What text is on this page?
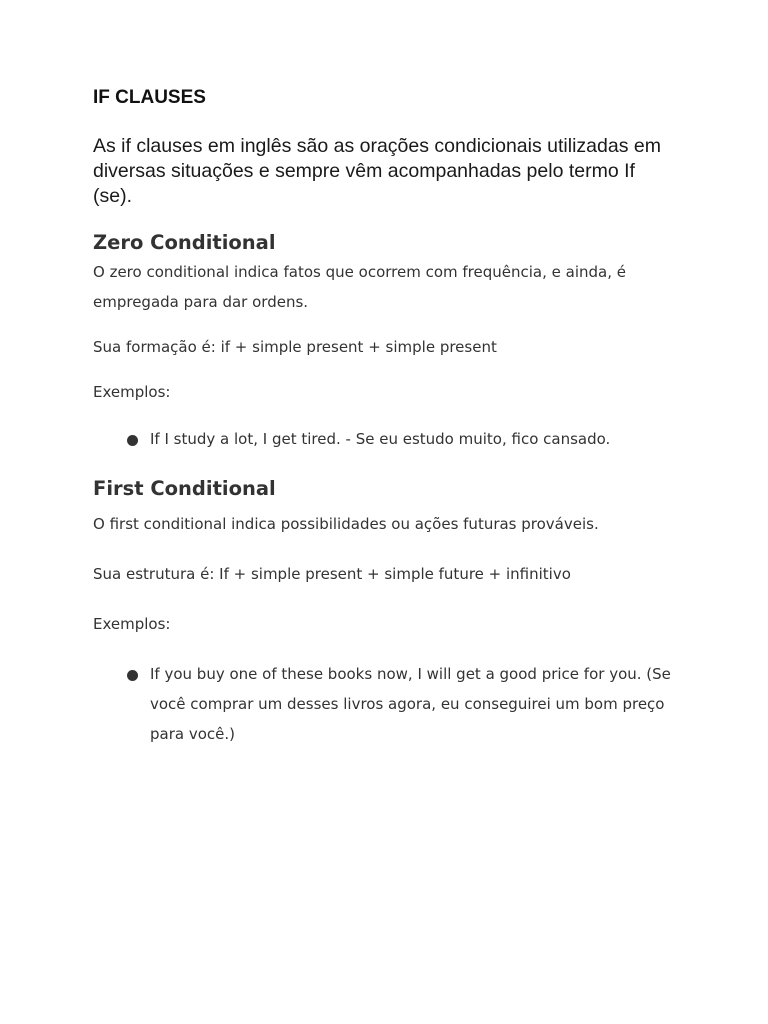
IF CLAUSES

As if clauses em inglês são as orações condicionais utilizadas em diversas situações e sempre vêm acompanhadas pelo termo If (se).

Zero Conditional

O zero conditional indica fatos que ocorrem com frequência, e ainda, é empregada para dar ordens.

Sua formação é: if + simple present + simple present

Exemplos:

If I study a lot, I get tired. - Se eu estudo muito, fico cansado.
First Conditional

O first conditional indica possibilidades ou ações futuras prováveis.

Sua estrutura é: If + simple present + simple future + infinitivo

Exemplos:

If you buy one of these books now, I will get a good price for you. (Se você comprar um desses livros agora, eu conseguirei um bom preço para você.)
